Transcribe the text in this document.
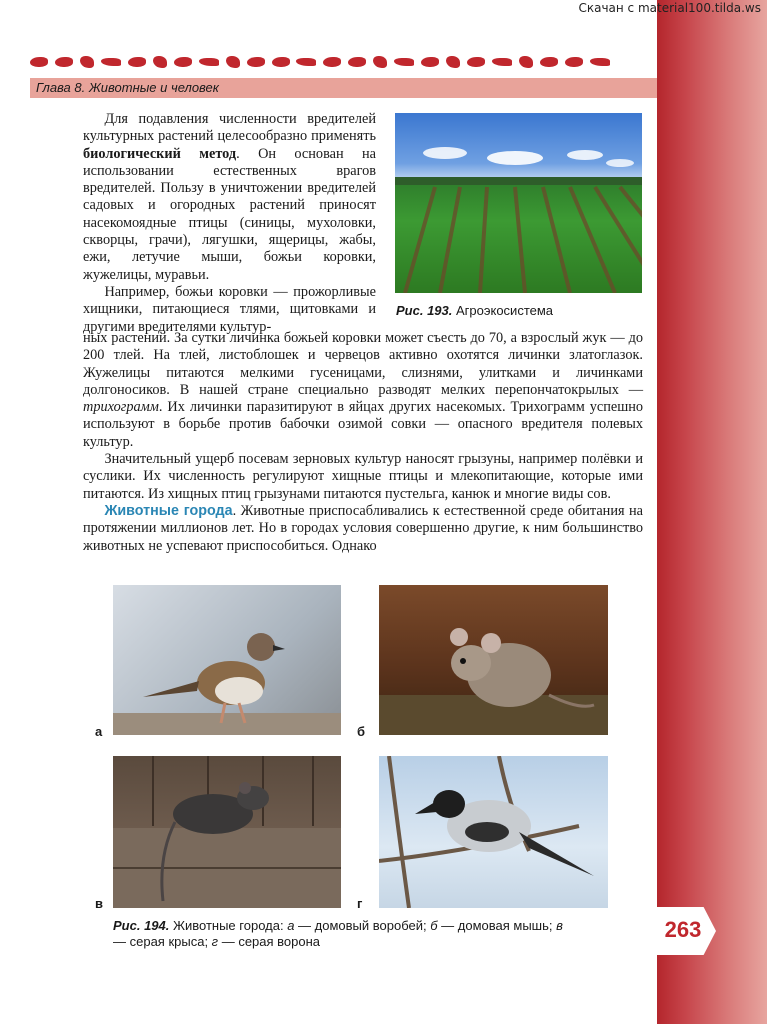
Скачан с material100.tilda.ws
Глава 8. Животные и человек

Для подавления численности вредителей культурных растений целесообразно применять биологический метод. Он основан на использовании естественных врагов вредителей. Пользу в уничтожении вредителей садовых и огородных растений приносят насекомоядные птицы (синицы, мухоловки, скворцы, грачи), лягушки, ящерицы, жабы, ежи, летучие мыши, божьи коровки, жужелицы, муравьи.

Например, божьи коровки — прожорливые хищники, питающиеся тлями, щитовками и другими вредителями культур-

Рис. 193. Агроэкосистема

ных растений. За сутки личинка божьей коровки может съесть до 70, а взрослый жук — до 200 тлей. На тлей, листоблошек и червецов активно охотятся личинки златоглазок. Жужелицы питаются мелкими гусеницами, слизнями, улитками и личинками долгоносиков. В нашей стране специально разводят мелких перепончатокрылых — трихограмм. Их личинки паразитируют в яйцах других насекомых. Трихограмм успешно используют в борьбе против бабочки озимой совки — опасного вредителя полевых культур.

Значительный ущерб посевам зерновых культур наносят грызуны, например полёвки и суслики. Их численность регулируют хищные птицы и млекопитающие, которые ими питаются. Из хищных птиц грызунами питаются пустельга, канюк и многие виды сов.

Животные города. Животные приспосабливались к естественной среде обитания на протяжении миллионов лет. Но в городах условия совершенно другие, к ним большинство животных не успевают приспособиться. Однако

а	б
в	г
Рис. 194. Животные города: а — домовый воробей; б — домовая мышь; в — серая крыса; г — серая ворона	263
